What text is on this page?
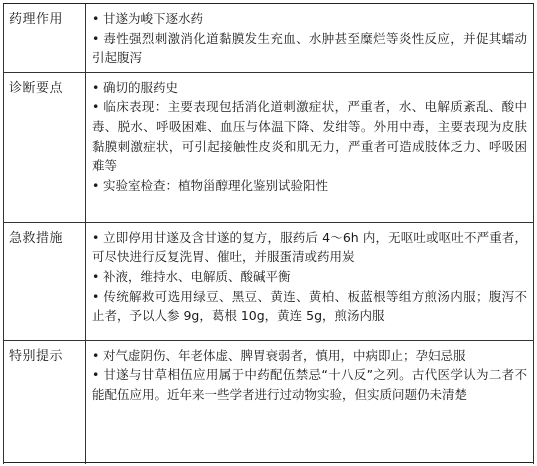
药理作用	• 甘遂为峻下逐水药
• 毒性强烈刺激消化道黏膜发生充血、水肿甚至糜烂等炎性反应，并促其蠕动引起腹泻

诊断要点	• 确切的服药史
• 临床表现：主要表现包括消化道刺激症状，严重者，水、电解质紊乱、酸中毒、脱水、呼吸困难、血压与体温下降、发绀等。外用中毒，主要表现为皮肤黏膜刺激症状，可引起接触性皮炎和肌无力，严重者可造成肢体乏力、呼吸困难等
• 实验室检查：植物甾醇理化鉴别试验阳性

急救措施	• 立即停用甘遂及含甘遂的复方，服药后 4～6h 内，无呕吐或呕吐不严重者，可尽快进行反复洗胃、催吐，并服蛋清或药用炭
• 补液，维持水、电解质、酸碱平衡
• 传统解救可选用绿豆、黑豆、黄连、黄柏、板蓝根等组方煎汤内服；腹泻不止者，予以人参 9g，葛根 10g，黄连 5g，煎汤内服

特别提示	• 对气虚阴伤、年老体虚、脾胃衰弱者，慎用，中病即止；孕妇忌服
• 甘遂与甘草相伍应用属于中药配伍禁忌“十八反”之列。古代医学认为二者不能配伍应用。近年来一些学者进行过动物实验，但实质问题仍未清楚
